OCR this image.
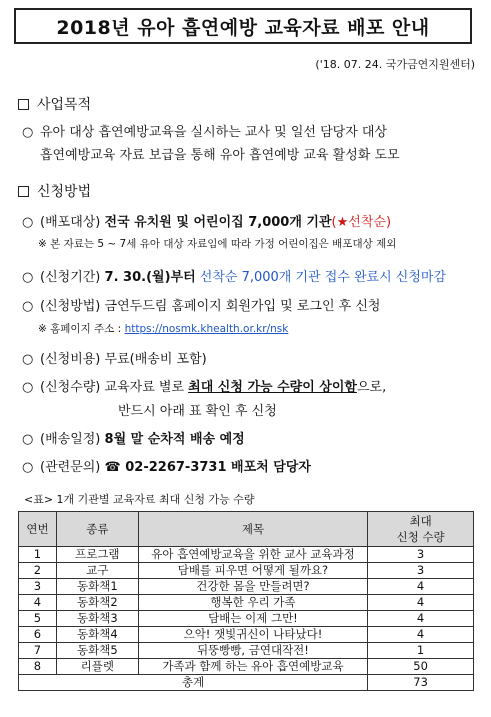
2018년 유아 흡연예방 교육자료 배포 안내
('18. 07. 24. 국가금연지원센터)
사업목적
○ 유아 대상 흡연예방교육을 실시하는 교사 및 일선 담당자 대상
흡연예방교육 자료 보급을 통해 유아 흡연예방 교육 활성화 도모
신청방법
○ (배포대상) 전국 유치원 및 어린이집 7,000개 기관(★선착순)
※ 본 자료는 5 ~ 7세 유아 대상 자료임에 따라 가정 어린이집은 배포대상 제외
○ (신청기간) 7. 30.(월)부터 선착순 7,000개 기관 접수 완료시 신청마감
○ (신청방법) 금연두드림 홈페이지 회원가입 및 로그인 후 신청
※ 홈페이지 주소 : https://nosmk.khealth.or.kr/nsk
○ (신청비용) 무료(배송비 포함)
○ (신청수량) 교육자료 별로 최대 신청 가능 수량이 상이함으로,
반드시 아래 표 확인 후 신청
○ (배송일정) 8월 말 순차적 배송 예정
○ (관련문의) ☎ 02-2267-3731 배포처 담당자
<표> 1개 기관별 교육자료 최대 신청 가능 수량
연번	종류	제목	최대
신청 수량
1	프로그램	유아 흡연예방교육을 위한 교사 교육과정	3
2	교구	담배를 피우면 어떻게 될까요?	3
3	동화책1	건강한 몸을 만들려면?	4
4	동화책2	행복한 우리 가족	4
5	동화책3	담배는 이제 그만!	4
6	동화책4	으악! 잿빛귀신이 나타났다!	4
7	동화책5	뒤뚱빵빵, 금연대작전!	1
8	리플렛	가족과 함께 하는 유아 흡연예방교육	50
총계			73
